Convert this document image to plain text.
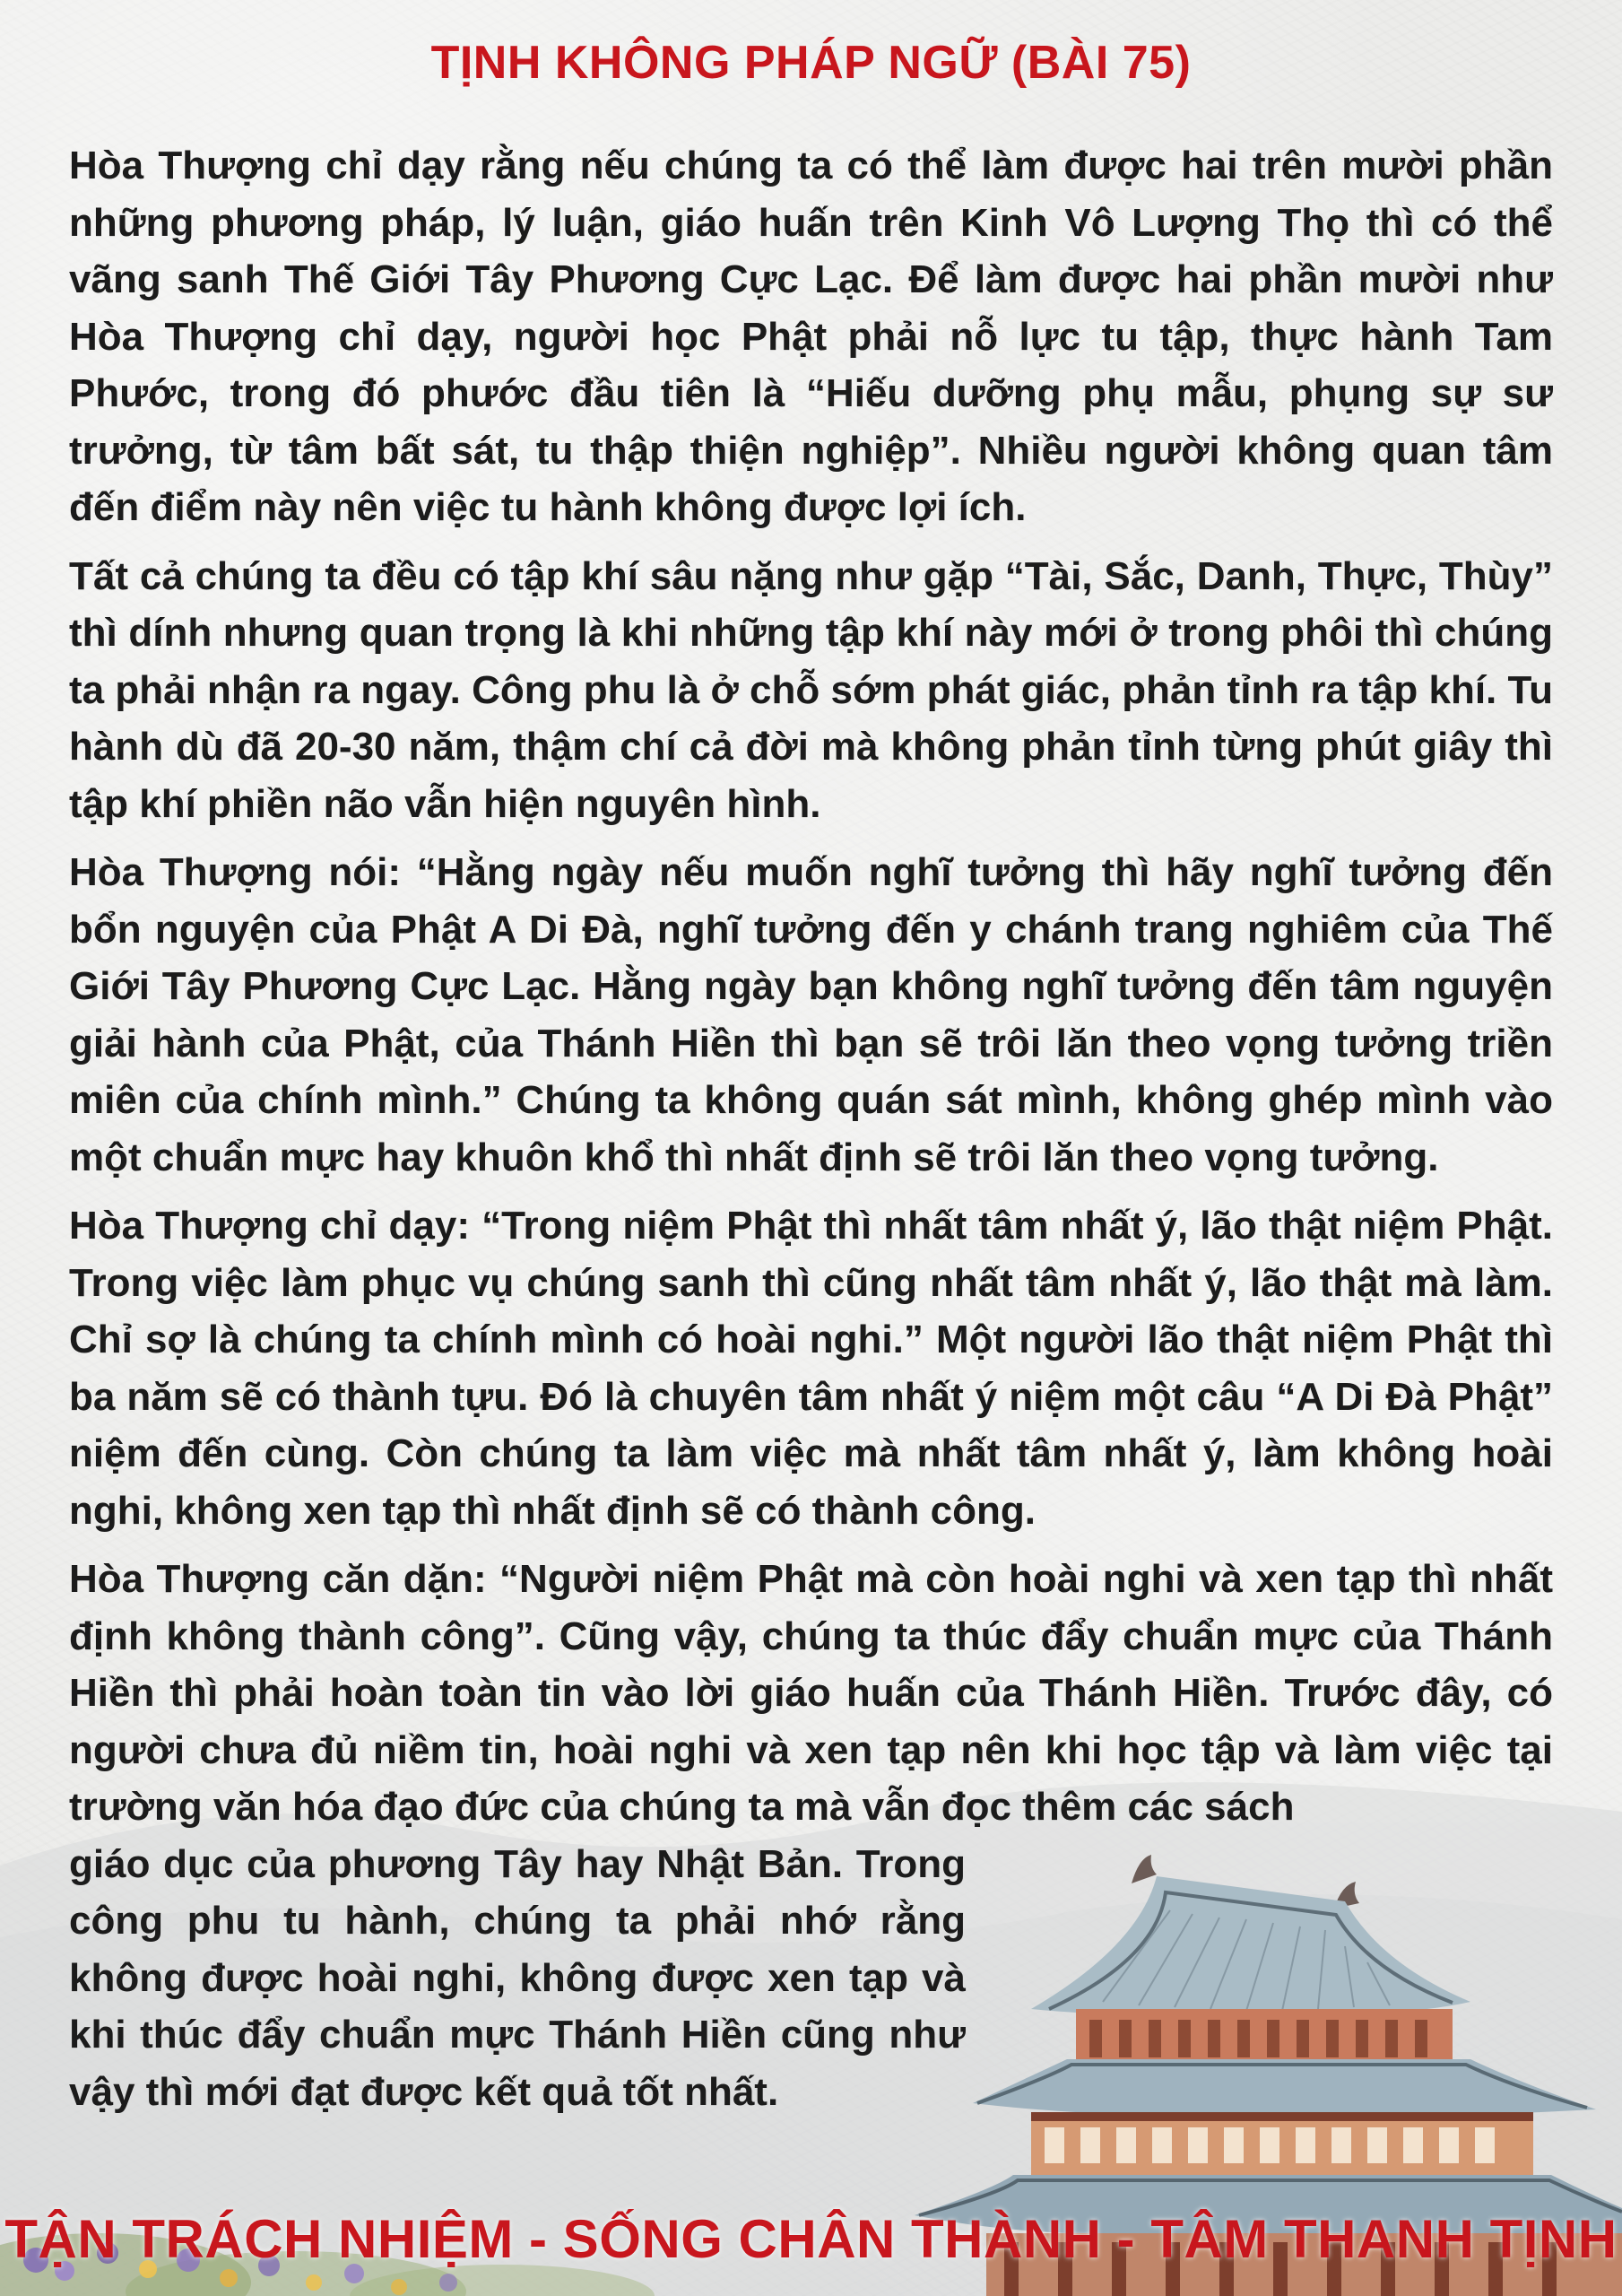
TỊNH KHÔNG PHÁP NGỮ (BÀI 75)

Hòa Thượng chỉ dạy rằng nếu chúng ta có thể làm được hai trên mười phần những phương pháp, lý luận, giáo huấn trên Kinh Vô Lượng Thọ thì có thể vãng sanh Thế Giới Tây Phương Cực Lạc. Để làm được hai phần mười như Hòa Thượng chỉ dạy, người học Phật phải nỗ lực tu tập, thực hành Tam Phước, trong đó phước đầu tiên là “Hiếu dưỡng phụ mẫu, phụng sự sư trưởng, từ tâm bất sát, tu thập thiện nghiệp”. Nhiều người không quan tâm đến điểm này nên việc tu hành không được lợi ích.

Tất cả chúng ta đều có tập khí sâu nặng như gặp “Tài, Sắc, Danh, Thực, Thùy” thì dính nhưng quan trọng là khi những tập khí này mới ở trong phôi thì chúng ta phải nhận ra ngay. Công phu là ở chỗ sớm phát giác, phản tỉnh ra tập khí. Tu hành dù đã 20-30 năm, thậm chí cả đời mà không phản tỉnh từng phút giây thì tập khí phiền não vẫn hiện nguyên hình.

Hòa Thượng nói: “Hằng ngày nếu muốn nghĩ tưởng thì hãy nghĩ tưởng đến bổn nguyện của Phật A Di Đà, nghĩ tưởng đến y chánh trang nghiêm của Thế Giới Tây Phương Cực Lạc. Hằng ngày bạn không nghĩ tưởng đến tâm nguyện giải hành của Phật, của Thánh Hiền thì bạn sẽ trôi lăn theo vọng tưởng triền miên của chính mình.” Chúng ta không quán sát mình, không ghép mình vào một chuẩn mực hay khuôn khổ thì nhất định sẽ trôi lăn theo vọng tưởng.

Hòa Thượng chỉ dạy: “Trong niệm Phật thì nhất tâm nhất ý, lão thật niệm Phật. Trong việc làm phục vụ chúng sanh thì cũng nhất tâm nhất ý, lão thật mà làm. Chỉ sợ là chúng ta chính mình có hoài nghi.” Một người lão thật niệm Phật thì ba năm sẽ có thành tựu. Đó là chuyên tâm nhất ý niệm một câu “A Di Đà Phật” niệm đến cùng. Còn chúng ta làm việc mà nhất tâm nhất ý, làm không hoài nghi, không xen tạp thì nhất định sẽ có thành công.

Hòa Thượng căn dặn: “Người niệm Phật mà còn hoài nghi và xen tạp thì nhất định không thành công”. Cũng vậy, chúng ta thúc đẩy chuẩn mực của Thánh Hiền thì phải hoàn toàn tin vào lời giáo huấn của Thánh Hiền. Trước đây, có người chưa đủ niềm tin, hoài nghi và xen tạp nên khi học tập và làm việc tại trường văn hóa đạo đức của chúng ta mà vẫn đọc thêm các sách

giáo dục của phương Tây hay Nhật Bản. Trong công phu tu hành, chúng ta phải nhớ rằng không được hoài nghi, không được xen tạp và khi thúc đẩy chuẩn mực Thánh Hiền cũng như vậy thì mới đạt được kết quả tốt nhất.

TẬN TRÁCH NHIỆM - SỐNG CHÂN THÀNH - TÂM THANH TỊNH
